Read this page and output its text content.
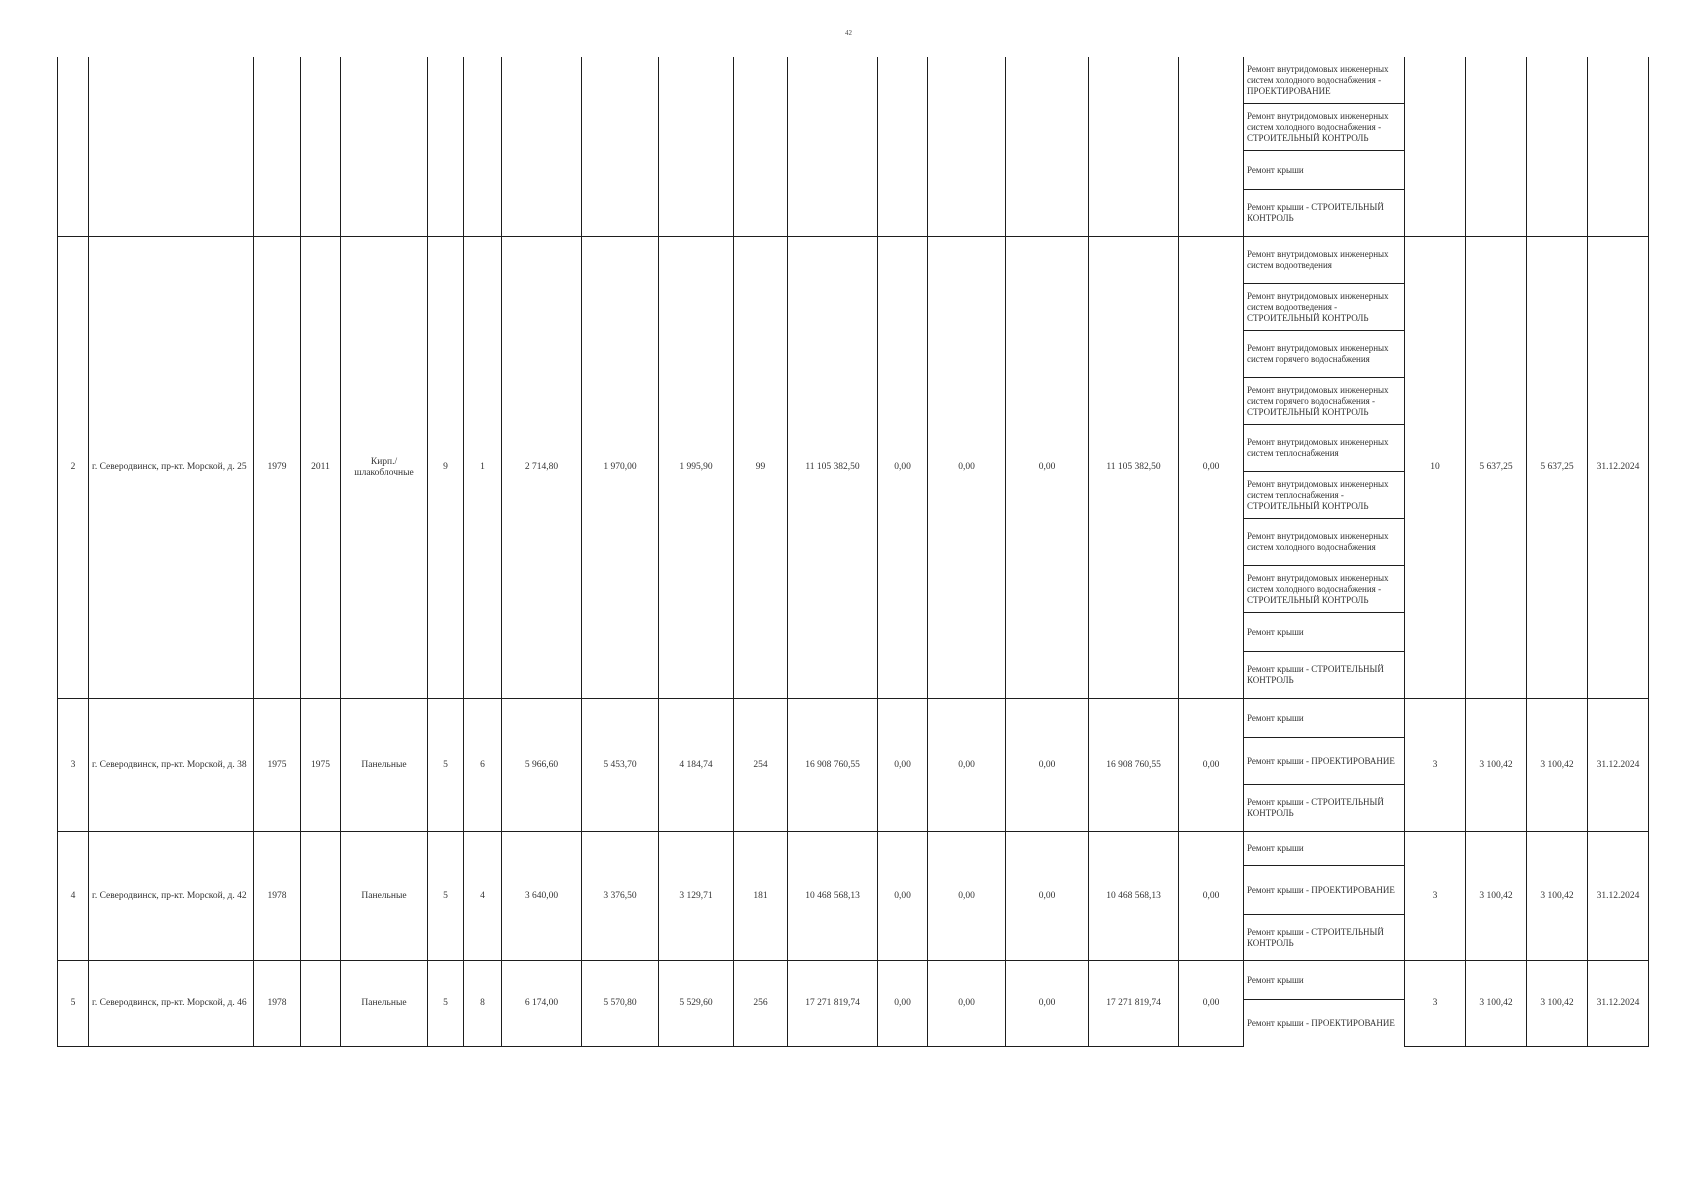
42

																	Ремонт внутридомовых инженерных систем холодного водоснабжения - ПРОЕКТИРОВАНИЕ				

																	Ремонт внутридомовых инженерных систем холодного водоснабжения - СТРОИТЕЛЬНЫЙ КОНТРОЛЬ				

																	Ремонт крыши				

																	Ремонт крыши - СТРОИТЕЛЬНЫЙ КОНТРОЛЬ				

2	г. Северодвинск, пр-кт. Морской, д. 25	1979	2011	Кирп./ шлакоблочные	9	1	2 714,80	1 970,00	1 995,90	99	11 105 382,50	0,00	0,00	0,00	11 105 382,50	0,00	Ремонт внутридомовых инженерных систем водоотведения	10	5 637,25	5 637,25	31.12.2024

																	Ремонт внутридомовых инженерных систем водоотведения - СТРОИТЕЛЬНЫЙ КОНТРОЛЬ				

																	Ремонт внутридомовых инженерных систем горячего водоснабжения				

																	Ремонт внутридомовых инженерных систем горячего водоснабжения - СТРОИТЕЛЬНЫЙ КОНТРОЛЬ				

																	Ремонт внутридомовых инженерных систем теплоснабжения				

																	Ремонт внутридомовых инженерных систем теплоснабжения - СТРОИТЕЛЬНЫЙ КОНТРОЛЬ				

																	Ремонт внутридомовых инженерных систем холодного водоснабжения				

																	Ремонт внутридомовых инженерных систем холодного водоснабжения - СТРОИТЕЛЬНЫЙ КОНТРОЛЬ				

																	Ремонт крыши				

																	Ремонт крыши - СТРОИТЕЛЬНЫЙ КОНТРОЛЬ				

3	г. Северодвинск, пр-кт. Морской, д. 38	1975	1975	Панельные	5	6	5 966,60	5 453,70	4 184,74	254	16 908 760,55	0,00	0,00	0,00	16 908 760,55	0,00	Ремонт крыши	3	3 100,42	3 100,42	31.12.2024

																	Ремонт крыши - ПРОЕКТИРОВАНИЕ				

																	Ремонт крыши - СТРОИТЕЛЬНЫЙ КОНТРОЛЬ				

4	г. Северодвинск, пр-кт. Морской, д. 42	1978		Панельные	5	4	3 640,00	3 376,50	3 129,71	181	10 468 568,13	0,00	0,00	0,00	10 468 568,13	0,00	Ремонт крыши	3	3 100,42	3 100,42	31.12.2024

																	Ремонт крыши - ПРОЕКТИРОВАНИЕ				

																	Ремонт крыши - СТРОИТЕЛЬНЫЙ КОНТРОЛЬ				

5	г. Северодвинск, пр-кт. Морской, д. 46	1978		Панельные	5	8	6 174,00	5 570,80	5 529,60	256	17 271 819,74	0,00	0,00	0,00	17 271 819,74	0,00	Ремонт крыши	3	3 100,42	3 100,42	31.12.2024

																	Ремонт крыши - ПРОЕКТИРОВАНИЕ				
